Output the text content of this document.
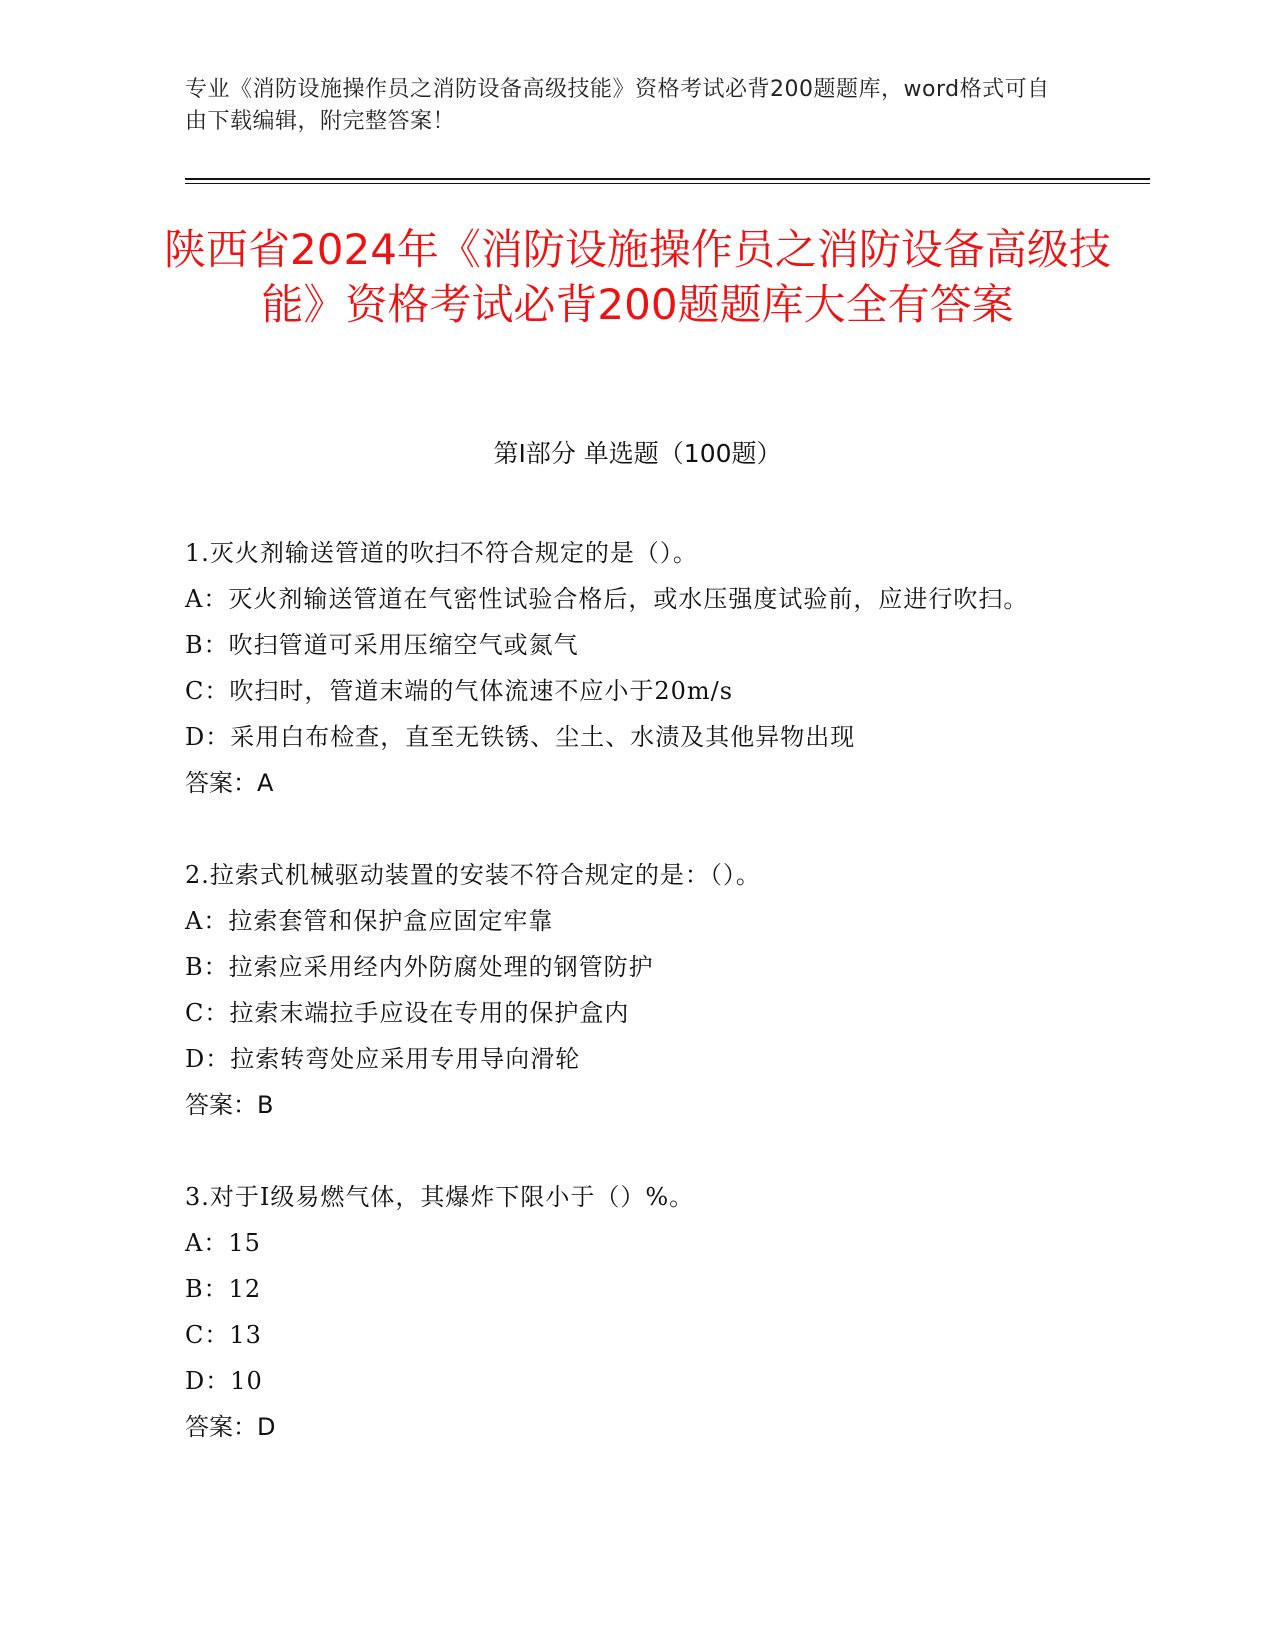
专业《消防设施操作员之消防设备高级技能》资格考试必背200题题库，word格式可自由下载编辑，附完整答案！
陕西省2024年《消防设施操作员之消防设备高级技能》资格考试必背200题题库大全有答案
第I部分 单选题（100题）

1.灭火剂输送管道的吹扫不符合规定的是（）。
A：灭火剂输送管道在气密性试验合格后，或水压强度试验前，应进行吹扫。
B：吹扫管道可采用压缩空气或氮气
C：吹扫时，管道末端的气体流速不应小于20m/s
D：采用白布检查，直至无铁锈、尘土、水渍及其他异物出现

答案：A

2.拉索式机械驱动装置的安装不符合规定的是：（）。
A：拉索套管和保护盒应固定牢靠
B：拉索应采用经内外防腐处理的钢管防护
C：拉索末端拉手应设在专用的保护盒内
D：拉索转弯处应采用专用导向滑轮

答案：B

3.对于Ⅰ级易燃气体，其爆炸下限小于（）%。
A：15
B：12
C：13
D：10

答案：D
